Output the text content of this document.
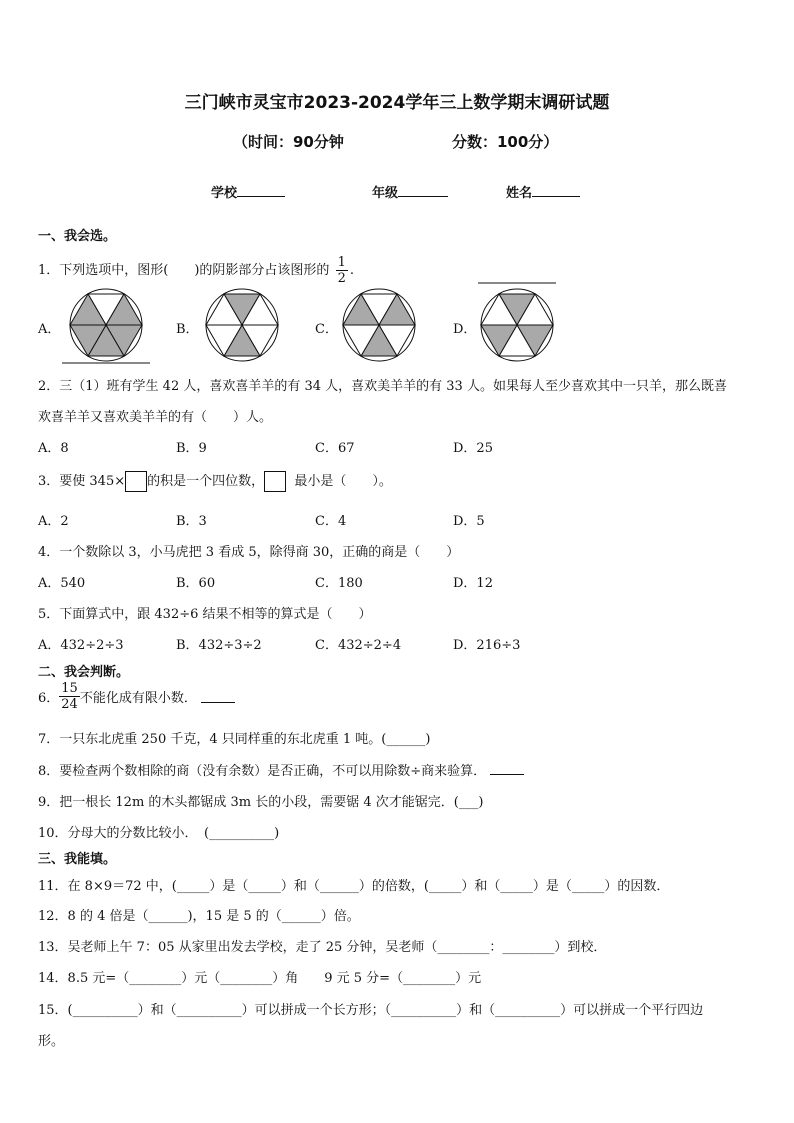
三门峡市灵宝市2023-2024学年三上数学期末调研试题
（时间：90分钟	分数：100分）
学校	年级	姓名
一、我会选。
1．下列选项中，图形(　　)的阴影部分占该图形的 $\frac{1}{2}$ .
A．	B．	C．	D．
2．三（1）班有学生 42 人，喜欢喜羊羊的有 34 人，喜欢美羊羊的有 33 人。如果每人至少喜欢其中一只羊，那么既喜
欢喜羊羊又喜欢美羊羊的有（　　）人。
A．8	B．9	C．67	D．25
3．要使 345× 的积是一个四位数， 最小是（　　）。
A．2	B．3	C．4	D．5
4．一个数除以 3，小马虎把 3 看成 5，除得商 30，正确的商是（　　）
A．540	B．60	C．180	D．12
5．下面算式中，跟 432÷6 结果不相等的算式是（　　）
A．432÷2÷3	B．432÷3÷2	C．432÷2÷4	D．216÷3
二、我会判断。
6． $\frac{15}{24}$ 不能化成有限小数．
7．一只东北虎重 250 千克，4 只同样重的东北虎重 1 吨。(______)
8．要检查两个数相除的商（没有余数）是否正确，不可以用除数÷商来验算．
9．把一根长 12m 的木头都锯成 3m 长的小段，需要锯 4 次才能锯完．(___)
10．分母大的分数比较小．　(__________)
三、我能填。
11．在 8×9＝72 中，(_____）是（_____）和（______）的倍数，(_____）和（_____）是（_____）的因数．
12．8 的 4 倍是（______)，15 是 5 的（______）倍。
13．吴老师上午 7：05 从家里出发去学校，走了 25 分钟，吴老师（________：________）到校．
14．8.5 元=（________）元（________）角　　9 元 5 分=（________）元
15．(__________）和（__________）可以拼成一个长方形；（__________）和（__________）可以拼成一个平行四边
形。
